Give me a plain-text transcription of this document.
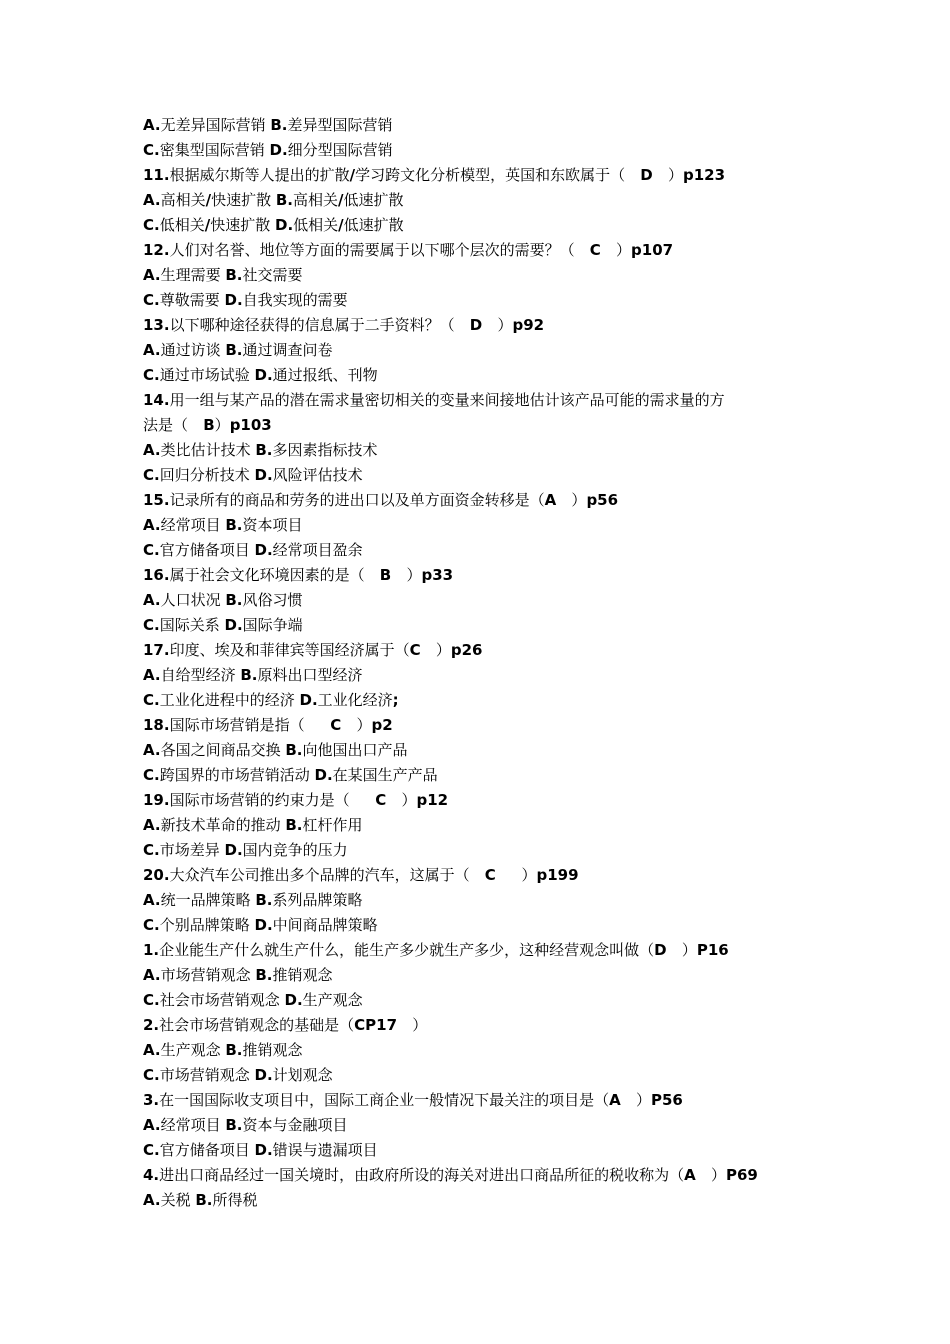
A.无差异国际营销 B.差异型国际营销
C.密集型国际营销 D.细分型国际营销
11.根据威尔斯等人提出的扩散/学习跨文化分析模型，英国和东欧属于（   D   ）p123
A.高相关/快速扩散 B.高相关/低速扩散
C.低相关/快速扩散 D.低相关/低速扩散
12.人们对名誉、地位等方面的需要属于以下哪个层次的需要？（   C   ）p107
A.生理需要 B.社交需要
C.尊敬需要 D.自我实现的需要
13.以下哪种途径获得的信息属于二手资料？（   D   ）p92
A.通过访谈 B.通过调查问卷
C.通过市场试验 D.通过报纸、刊物
14.用一组与某产品的潜在需求量密切相关的变量来间接地估计该产品可能的需求量的方
法是（   B）p103
A.类比估计技术 B.多因素指标技术
C.回归分析技术 D.风险评估技术
15.记录所有的商品和劳务的进出口以及单方面资金转移是（A   ）p56
A.经常项目 B.资本项目
C.官方储备项目 D.经常项目盈余
16.属于社会文化环境因素的是（   B   ）p33
A.人口状况 B.风俗习惯
C.国际关系 D.国际争端
17.印度、埃及和菲律宾等国经济属于（C   ）p26
A.自给型经济 B.原料出口型经济
C.工业化进程中的经济 D.工业化经济;
18.国际市场营销是指（     C   ）p2
A.各国之间商品交换 B.向他国出口产品
C.跨国界的市场营销活动 D.在某国生产产品
19.国际市场营销的约束力是（     C   ）p12
A.新技术革命的推动 B.杠杆作用
C.市场差异 D.国内竞争的压力
20.大众汽车公司推出多个品牌的汽车，这属于（   C     ）p199
A.统一品牌策略 B.系列品牌策略
C.个别品牌策略 D.中间商品牌策略
1.企业能生产什么就生产什么，能生产多少就生产多少，这种经营观念叫做（D   ）P16
A.市场营销观念 B.推销观念
C.社会市场营销观念 D.生产观念
2.社会市场营销观念的基础是（CP17   ）
A.生产观念 B.推销观念
C.市场营销观念 D.计划观念
3.在一国国际收支项目中，国际工商企业一般情况下最关注的项目是（A   ）P56
A.经常项目 B.资本与金融项目
C.官方储备项目 D.错误与遗漏项目
4.进出口商品经过一国关境时，由政府所设的海关对进出口商品所征的税收称为（A   ）P69
A.关税 B.所得税
